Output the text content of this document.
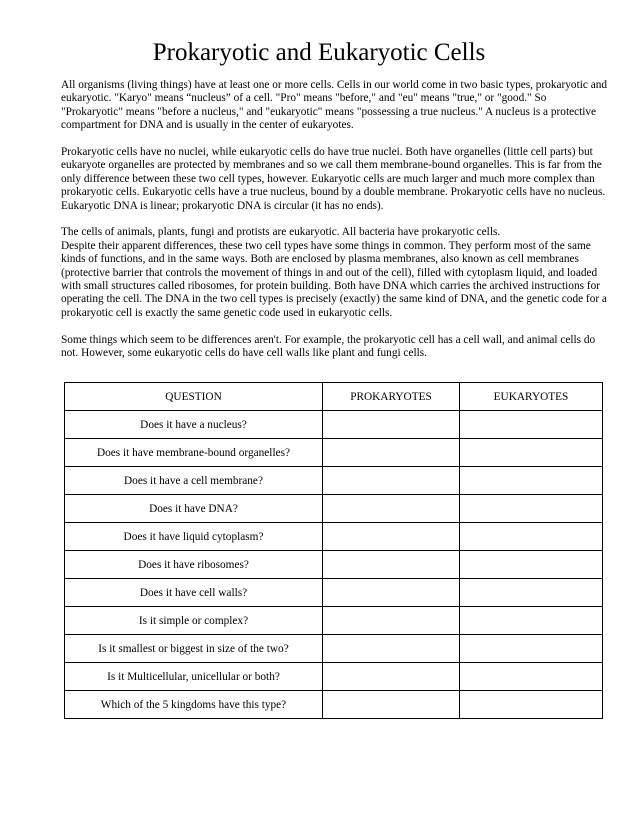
Prokaryotic and Eukaryotic Cells

All organisms (living things) have at least one or more cells. Cells in our world come in two basic types, prokaryotic and eukaryotic. "Karyo" means “nucleus” of a cell. "Pro" means "before," and "eu" means "true," or "good." So "Prokaryotic" means "before a nucleus," and "eukaryotic" means "possessing a true nucleus." A nucleus is a protective compartment for DNA and is usually in the center of eukaryotes.

Prokaryotic cells have no nuclei, while eukaryotic cells do have true nuclei. Both have organelles (little cell parts) but eukaryote organelles are protected by membranes and so we call them membrane-bound organelles. This is far from the only difference between these two cell types, however. Eukaryotic cells are much larger and much more complex than prokaryotic cells. Eukaryotic cells have a true nucleus, bound by a double membrane. Prokaryotic cells have no nucleus. Eukaryotic DNA is linear; prokaryotic DNA is circular (it has no ends).

The cells of animals, plants, fungi and protists are eukaryotic. All bacteria have prokaryotic cells.

Despite their apparent differences, these two cell types have some things in common. They perform most of the same kinds of functions, and in the same ways. Both are enclosed by plasma membranes, also known as cell membranes (protective barrier that controls the movement of things in and out of the cell), filled with cytoplasm liquid, and loaded with small structures called ribosomes, for protein building. Both have DNA which carries the archived instructions for operating the cell. The DNA in the two cell types is precisely (exactly) the same kind of DNA, and the genetic code for a prokaryotic cell is exactly the same genetic code used in eukaryotic cells.

Some things which seem to be differences aren't. For example, the prokaryotic cell has a cell wall, and animal cells do not. However, some eukaryotic cells do have cell walls like plant and fungi cells.

QUESTION	PROKARYOTES	EUKARYOTES
Does it have a nucleus?		
Does it have membrane-bound organelles?		
Does it have a cell membrane?		
Does it have DNA?		
Does it have liquid cytoplasm?		
Does it have ribosomes?		
Does it have cell walls?		
Is it simple or complex?		
Is it smallest or biggest in size of the two?		
Is it Multicellular, unicellular or both?		
Which of the 5 kingdoms have this type?		
